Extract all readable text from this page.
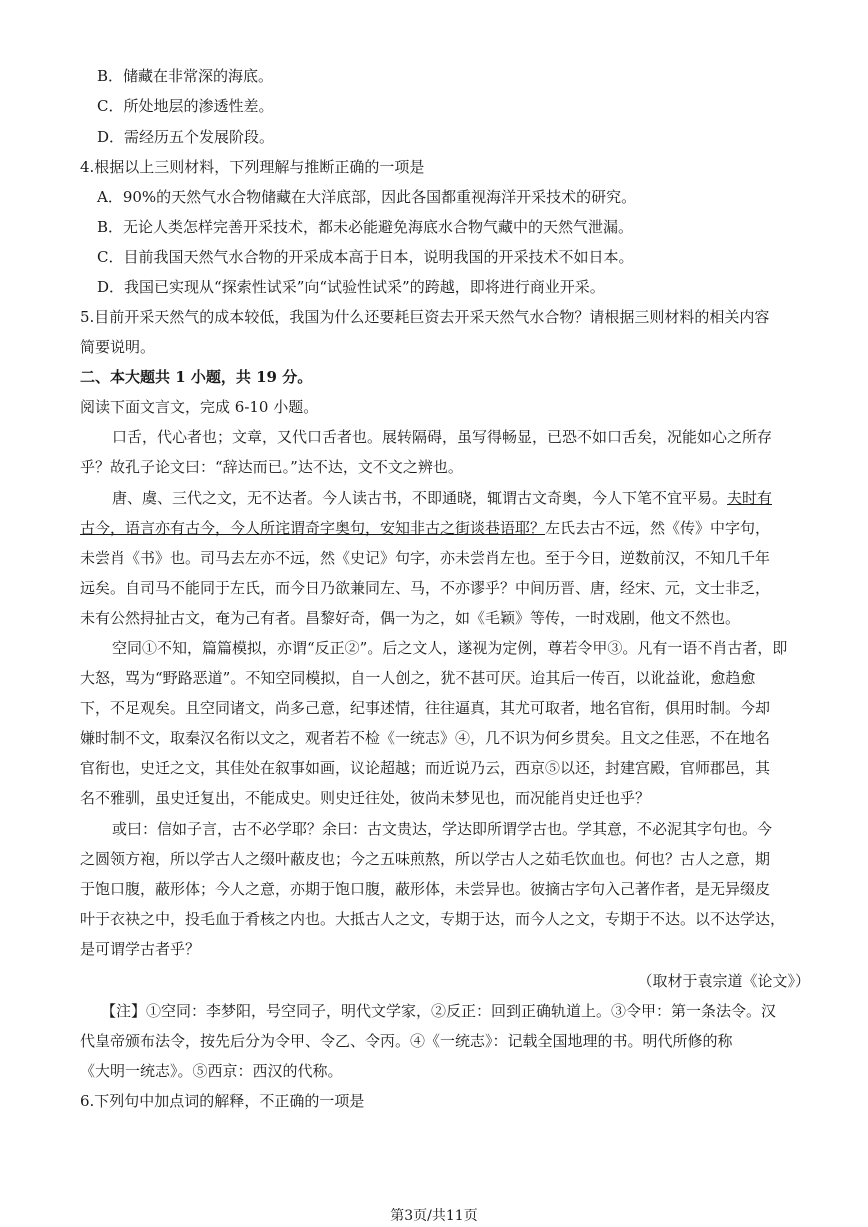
B．储藏在非常深的海底。
C．所处地层的渗透性差。
D．需经历五个发展阶段。
4.根据以上三则材料，下列理解与推断正确的一项是
A．90%的天然气水合物储藏在大洋底部，因此各国都重视海洋开采技术的研究。
B．无论人类怎样完善开采技术，都未必能避免海底水合物气藏中的天然气泄漏。
C．目前我国天然气水合物的开采成本高于日本，说明我国的开采技术不如日本。
D．我国已实现从“探索性试采”向“试验性试采”的跨越，即将进行商业开采。
5.目前开采天然气的成本较低，我国为什么还要耗巨资去开采天然气水合物？请根据三则材料的相关内容
简要说明。
二、本大题共 1 小题，共 19 分。
阅读下面文言文，完成 6-10 小题。
口舌，代心者也；文章，又代口舌者也。展转隔碍，虽写得畅显，已恐不如口舌矣，况能如心之所存
乎？故孔子论文曰：“辞达而已。”达不达，文不文之辨也。
唐、虞、三代之文，无不达者。今人读古书，不即通晓，辄谓古文奇奥，今人下笔不宜平易。夫时有
古今，语言亦有古今，今人所诧谓奇字奥句，安知非古之街谈巷语耶？左氏去古不远，然《传》中字句，
未尝肖《书》也。司马去左亦不远，然《史记》句字，亦未尝肖左也。至于今日，逆数前汉，不知几千年
远矣。自司马不能同于左氏，而今日乃欲兼同左、马，不亦谬乎？中间历晋、唐，经宋、元，文士非乏，
未有公然挦扯古文，奄为己有者。昌黎好奇，偶一为之，如《毛颖》等传，一时戏剧，他文不然也。
空同①不知，篇篇模拟，亦谓“反正②”。后之文人，遂视为定例，尊若令甲③。凡有一语不肖古者，即
大怒，骂为“野路恶道”。不知空同模拟，自一人创之，犹不甚可厌。迨其后一传百，以讹益讹，愈趋愈
下，不足观矣。且空同诸文，尚多己意，纪事述情，往往逼真，其尤可取者，地名官衔，俱用时制。今却
嫌时制不文，取秦汉名衔以文之，观者若不检《一统志》④，几不识为何乡贯矣。且文之佳恶，不在地名
官衔也，史迁之文，其佳处在叙事如画，议论超越；而近说乃云，西京⑤以还，封建宫殿，官师郡邑，其
名不雅驯，虽史迁复出，不能成史。则史迁往处，彼尚未梦见也，而况能肖史迁也乎？
或曰：信如子言，古不必学耶？余曰：古文贵达，学达即所谓学古也。学其意，不必泥其字句也。今
之圆领方袍，所以学古人之缀叶蔽皮也；今之五味煎熬，所以学古人之茹毛饮血也。何也？古人之意，期
于饱口腹，蔽形体；今人之意，亦期于饱口腹，蔽形体，未尝异也。彼摘古字句入己著作者，是无异缀皮
叶于衣袂之中，投毛血于肴核之内也。大抵古人之文，专期于达，而今人之文，专期于不达。以不达学达，
是可谓学古者乎？
（取材于袁宗道《论文》）
【注】①空同：李梦阳，号空同子，明代文学家，②反正：回到正确轨道上。③令甲：第一条法令。汉
代皇帝颁布法令，按先后分为令甲、令乙、令丙。④《一统志》：记载全国地理的书。明代所修的称
《大明一统志》。⑤西京：西汉的代称。
6.下列句中加点词的解释，不正确的一项是
第3页/共11页
